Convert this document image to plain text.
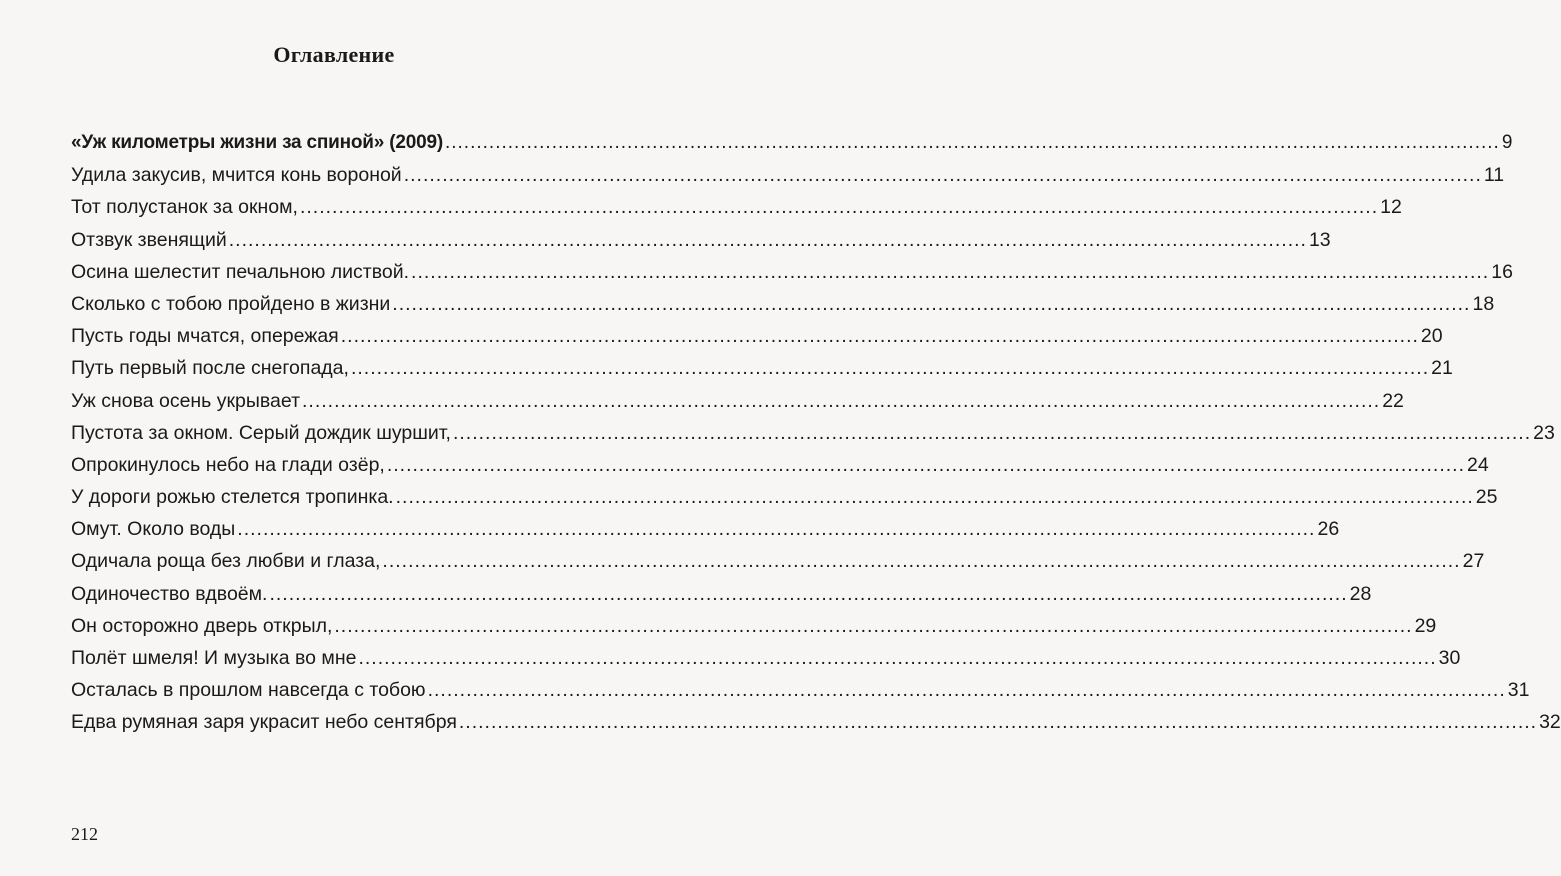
Оглавление
«Уж километры жизни за спиной» (2009) .....	9
Удила закусив, мчится конь вороной .....	11
Тот полустанок за окном, .....	12
Отзвук звенящий .....	13
Осина шелестит печальною листвой. .....	16
Сколько с тобою пройдено в жизни .....	18
Пусть годы мчатся, опережая .....	20
Путь первый после снегопада, .....	21
Уж снова осень укрывает .....	22
Пустота за окном. Серый дождик шуршит, .....	23
Опрокинулось небо на глади озёр, .....	24
У дороги рожью стелется тропинка. .....	25
Омут. Около воды .....	26
Одичала роща без любви и глаза, .....	27
Одиночество вдвоём. .....	28
Он осторожно дверь открыл, .....	29
Полёт шмеля! И музыка во мне .....	30
Осталась в прошлом навсегда с тобою .....	31
Едва румяная заря украсит небо сентября .....	32
212
